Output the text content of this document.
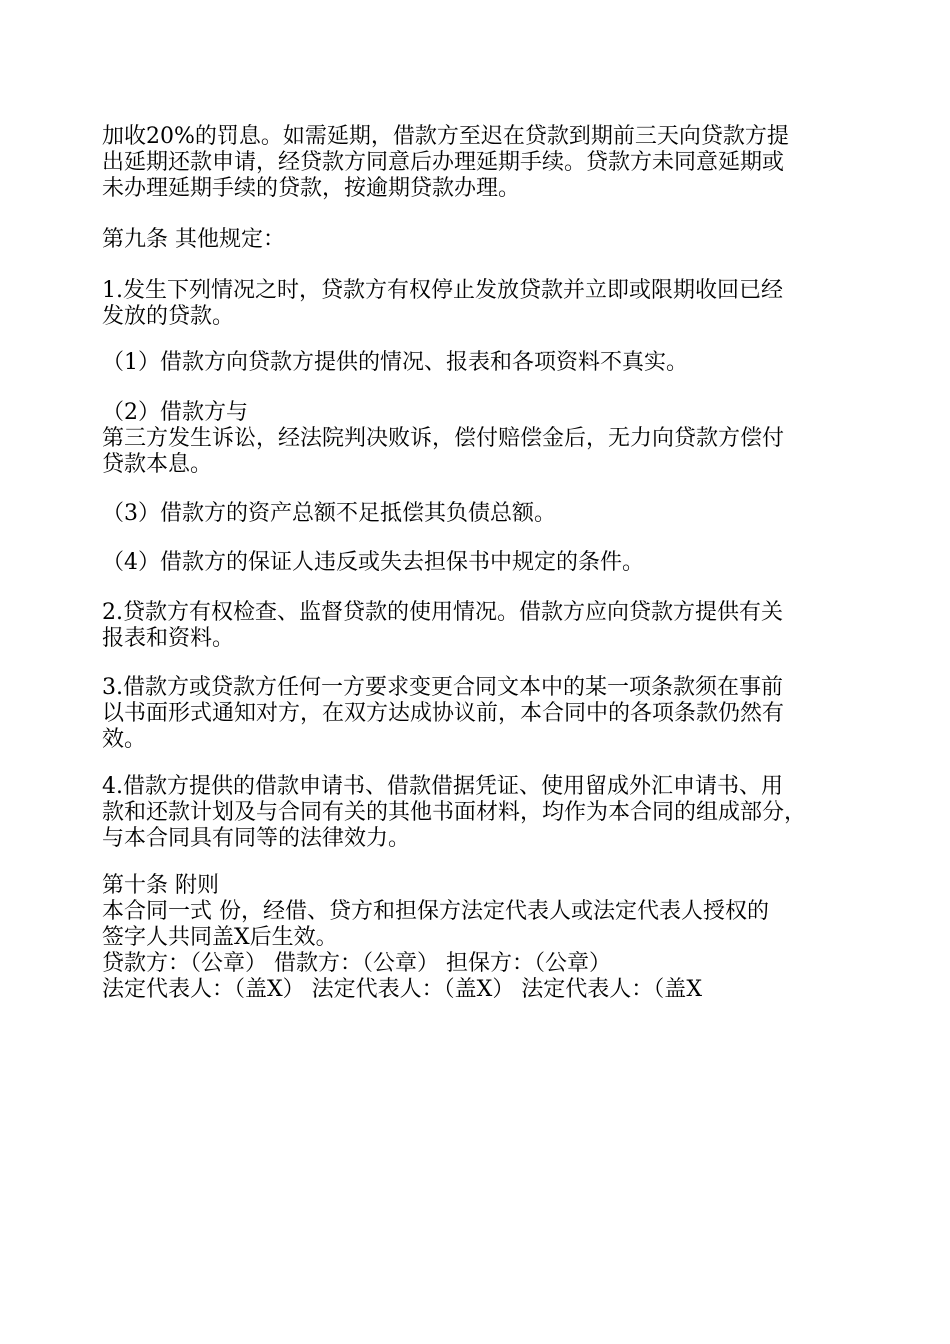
加收20%的罚息。如需延期，借款方至迟在贷款到期前三天向贷款方提
出延期还款申请，经贷款方同意后办理延期手续。贷款方未同意延期或
未办理延期手续的贷款，按逾期贷款办理。

第九条 其他规定：

1.发生下列情况之时，贷款方有权停止发放贷款并立即或限期收回已经
发放的贷款。

（1）借款方向贷款方提供的情况、报表和各项资料不真实。

（2）借款方与
第三方发生诉讼，经法院判决败诉，偿付赔偿金后，无力向贷款方偿付
贷款本息。

（3）借款方的资产总额不足抵偿其负债总额。

（4）借款方的保证人违反或失去担保书中规定的条件。

2.贷款方有权检查、监督贷款的使用情况。借款方应向贷款方提供有关
报表和资料。

3.借款方或贷款方任何一方要求变更合同文本中的某一项条款须在事前
以书面形式通知对方，在双方达成协议前，本合同中的各项条款仍然有
效。

4.借款方提供的借款申请书、借款借据凭证、使用留成外汇申请书、用
款和还款计划及与合同有关的其他书面材料，均作为本合同的组成部分，
与本合同具有同等的法律效力。

第十条 附则
本合同一式 份，经借、贷方和担保方法定代表人或法定代表人授权的
签字人共同盖X后生效。
贷款方：（公章） 借款方：（公章） 担保方：（公章）
法定代表人：（盖X） 法定代表人：（盖X） 法定代表人：（盖X
